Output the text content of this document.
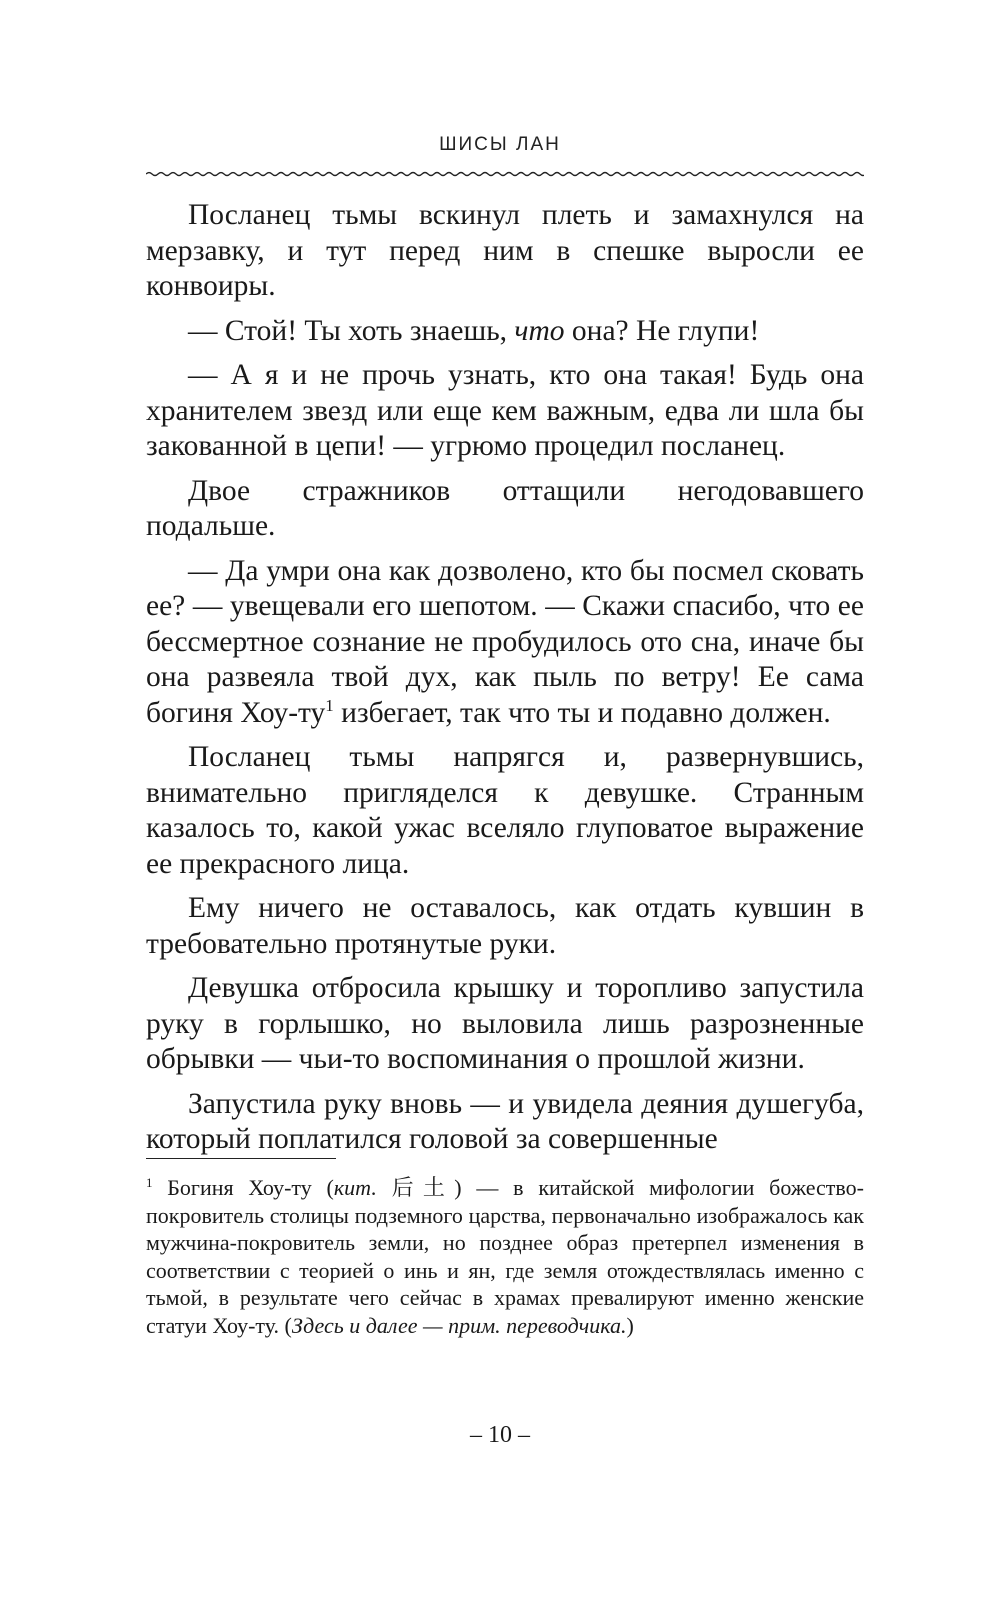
ШИСЫ ЛАН

Посланец тьмы вскинул плеть и замахнулся на мерзавку, и тут перед ним в спешке выросли ее конвоиры.

— Стой! Ты хоть знаешь, что она? Не глупи!

— А я и не прочь узнать, кто она такая! Будь она хранителем звезд или еще кем важным, едва ли шла бы закованной в цепи! — угрюмо процедил посланец.

Двое стражников оттащили негодовавшего подальше.

— Да умри она как дозволено, кто бы посмел сковать ее? — увещевали его шепотом. — Скажи спасибо, что ее бессмертное сознание не пробудилось ото сна, иначе бы она развеяла твой дух, как пыль по ветру! Ее сама богиня Хоу-ту$^1$ избегает, так что ты и подавно должен.

Посланец тьмы напрягся и, развернувшись, внимательно пригляделся к девушке. Странным казалось то, какой ужас вселяло глуповатое выражение ее прекрасного лица.

Ему ничего не оставалось, как отдать кувшин в требовательно протянутые руки.

Девушка отбросила крышку и торопливо запустила руку в горлышко, но выловила лишь разрозненные обрывки — чьи-то воспоминания о прошлой жизни.

Запустила руку вновь — и увидела деяния душегуба, который поплатился головой за совершенные

$^1$ Богиня Хоу-ту (кит. 后土) — в китайской мифологии божество-покровитель столицы подземного царства, первоначально изображалось как мужчина-покровитель земли, но позднее образ претерпел изменения в соответствии с теорией о инь и ян, где земля отождествлялась именно с тьмой, в результате чего сейчас в храмах превалируют именно женские статуи Хоу-ту. (Здесь и далее — прим. переводчика.)

– 10 –
